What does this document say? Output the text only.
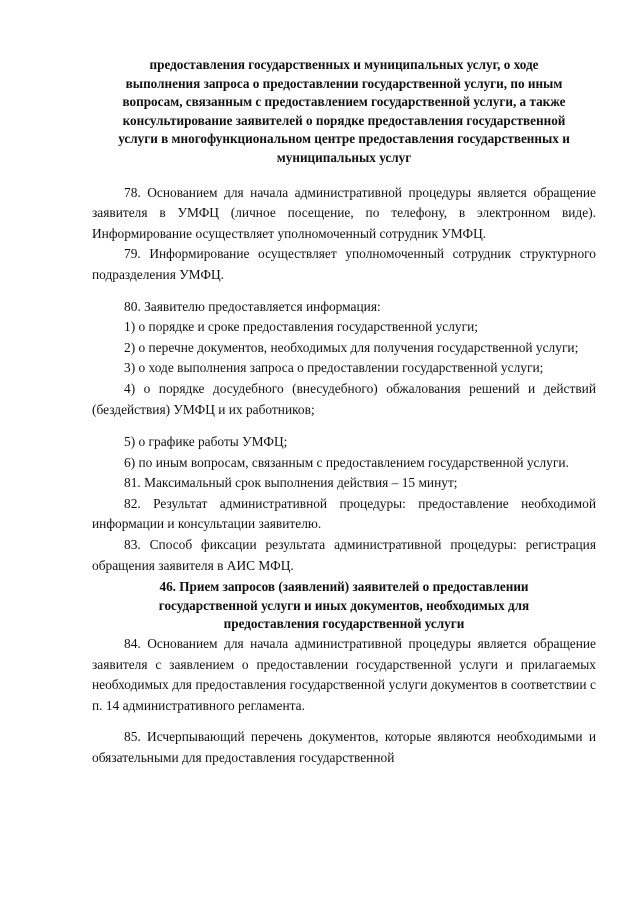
предоставления государственных и муниципальных услуг, о ходе выполнения запроса о предоставлении государственной услуги, по иным вопросам, связанным с предоставлением государственной услуги, а также консультирование заявителей о порядке предоставления государственной услуги в многофункциональном центре предоставления государственных и муниципальных услуг

78. Основанием для начала административной процедуры является обращение заявителя в УМФЦ (личное посещение, по телефону, в электронном виде). Информирование осуществляет уполномоченный сотрудник УМФЦ.

79. Информирование осуществляет уполномоченный сотрудник структурного подразделения УМФЦ.

80. Заявителю предоставляется информация:

1) о порядке и сроке предоставления государственной услуги;

2) о перечне документов, необходимых для получения государственной услуги;

3) о ходе выполнения запроса о предоставлении государственной услуги;

4) о порядке досудебного (внесудебного) обжалования решений и действий (бездействия) УМФЦ и их работников;

5) о графике работы УМФЦ;

6) по иным вопросам, связанным с предоставлением государственной услуги.

81. Максимальный срок выполнения действия – 15 минут;

82. Результат административной процедуры: предоставление необходимой информации и консультации заявителю.

83. Способ фиксации результата административной процедуры: регистрация обращения заявителя в АИС МФЦ.

46. Прием запросов (заявлений) заявителей о предоставлении государственной услуги и иных документов, необходимых для предоставления государственной услуги

84. Основанием для начала административной процедуры является обращение заявителя с заявлением о предоставлении государственной услуги и прилагаемых необходимых для предоставления государственной услуги документов в соответствии с п. 14 административного регламента.

85. Исчерпывающий перечень документов, которые являются необходимыми и обязательными для предоставления государственной
